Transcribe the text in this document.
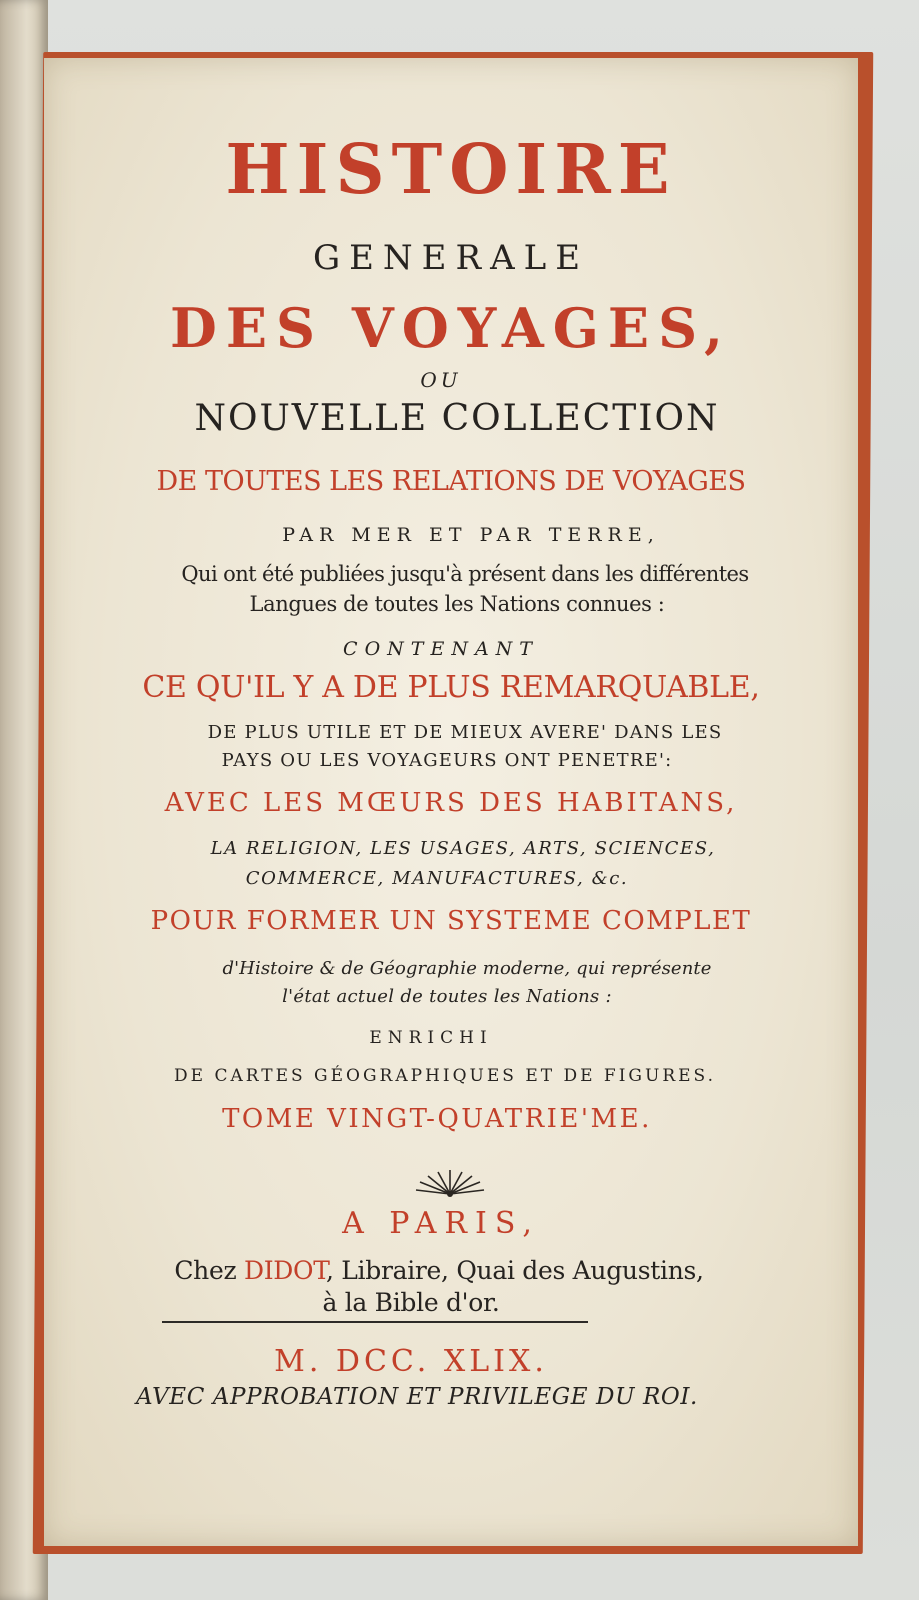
HISTOIRE

GENERALE

DES VOYAGES,

OU

NOUVELLE COLLECTION

DE TOUTES LES RELATIONS DE VOYAGES

PAR MER ET PAR TERRE,

Qui ont été publiées jusqu'à présent dans les différentes

Langues de toutes les Nations connues :

CONTENANT

CE QU'IL Y A DE PLUS REMARQUABLE,

DE PLUS UTILE ET DE MIEUX AVERE' DANS LES

PAYS OU LES VOYAGEURS ONT PENETRE':

AVEC LES MŒURS DES HABITANS,

LA RELIGION, LES USAGES, ARTS, SCIENCES,

COMMERCE, MANUFACTURES, &c.

POUR FORMER UN SYSTEME COMPLET

d'Histoire & de Géographie moderne, qui représente

l'état actuel de toutes les Nations :

ENRICHI

DE CARTES GÉOGRAPHIQUES ET DE FIGURES.

TOME VINGT-QUATRIE'ME.

A PARIS,

Chez DIDOT, Libraire, Quai des Augustins,

à la Bible d'or.

M. DCC. XLIX.

AVEC APPROBATION ET PRIVILEGE DU ROI.
